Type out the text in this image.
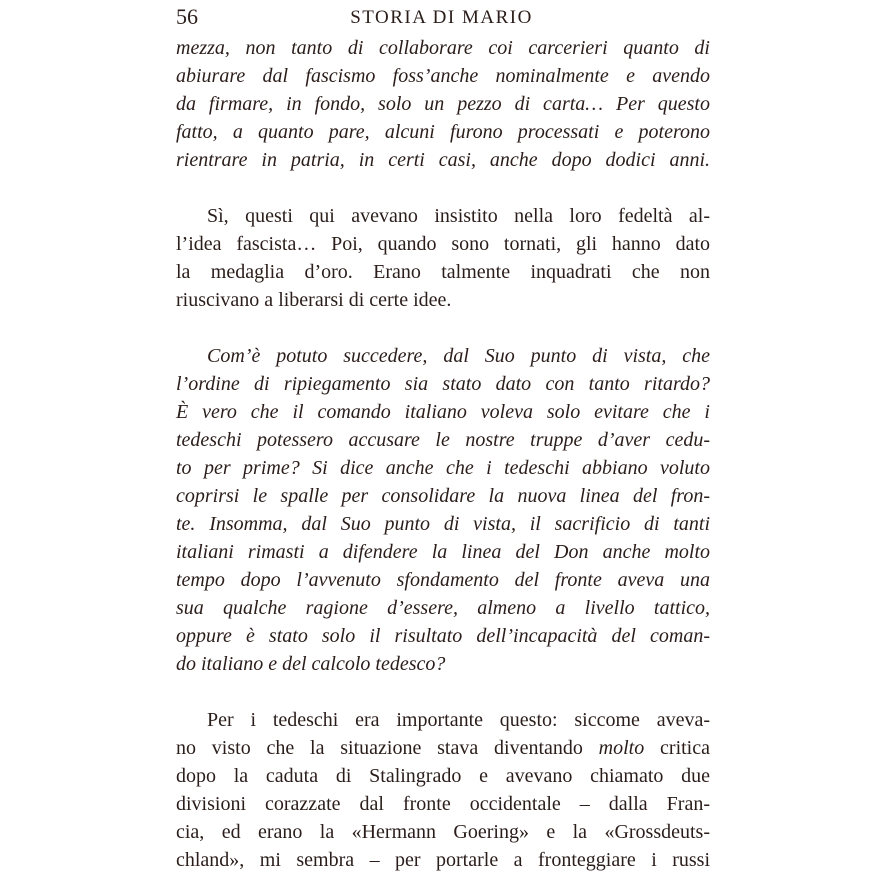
56	STORIA DI MARIO
mezza, non tanto di collaborare coi carcerieri quanto di
abiurare dal fascismo foss’anche nominalmente e avendo
da firmare, in fondo, solo un pezzo di carta… Per questo
fatto, a quanto pare, alcuni furono processati e poterono
rientrare in patria, in certi casi, anche dopo dodici anni.
Sì, questi qui avevano insistito nella loro fedeltà al-
l’idea fascista… Poi, quando sono tornati, gli hanno dato
la medaglia d’oro. Erano talmente inquadrati che non
riuscivano a liberarsi di certe idee.
Com’è potuto succedere, dal Suo punto di vista, che
l’ordine di ripiegamento sia stato dato con tanto ritardo?
È vero che il comando italiano voleva solo evitare che i
tedeschi potessero accusare le nostre truppe d’aver cedu-
to per prime? Si dice anche che i tedeschi abbiano voluto
coprirsi le spalle per consolidare la nuova linea del fron-
te. Insomma, dal Suo punto di vista, il sacrificio di tanti
italiani rimasti a difendere la linea del Don anche molto
tempo dopo l’avvenuto sfondamento del fronte aveva una
sua qualche ragione d’essere, almeno a livello tattico,
oppure è stato solo il risultato dell’incapacità del coman-
do italiano e del calcolo tedesco?
Per i tedeschi era importante questo: siccome aveva-
no visto che la situazione stava diventando molto critica
dopo la caduta di Stalingrado e avevano chiamato due
divisioni corazzate dal fronte occidentale – dalla Fran-
cia, ed erano la «Hermann Goering» e la «Grossdeuts-
chland», mi sembra – per portarle a fronteggiare i russi
